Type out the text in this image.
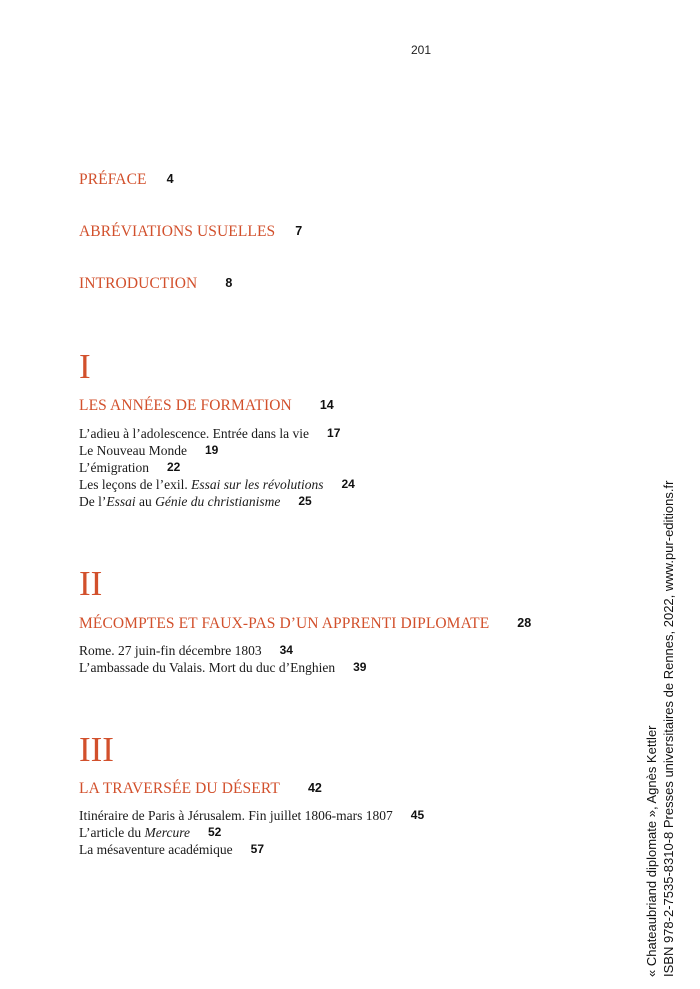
201
PRÉFACE 4
ABRÉVIATIONS USUELLES 7
INTRODUCTION 8
I
LES ANNÉES DE FORMATION 14
L’adieu à l’adolescence. Entrée dans la vie 17
Le Nouveau Monde 19
L’émigration 22
Les leçons de l’exil. Essai sur les révolutions 24
De l’Essai au Génie du christianisme 25
II
MÉCOMPTES ET FAUX-PAS D’UN APPRENTI DIPLOMATE 28
Rome. 27 juin-fin décembre 1803 34
L’ambassade du Valais. Mort du duc d’Enghien 39
III
LA TRAVERSÉE DU DÉSERT 42
Itinéraire de Paris à Jérusalem. Fin juillet 1806-mars 1807 45
L’article du Mercure 52
La mésaventure académique 57	« Chateaubriand diplomate », Agnès Kettler ISBN 978-2-7535-8310-8 Presses universitaires de Rennes, 2022, www.pur-editions.fr
